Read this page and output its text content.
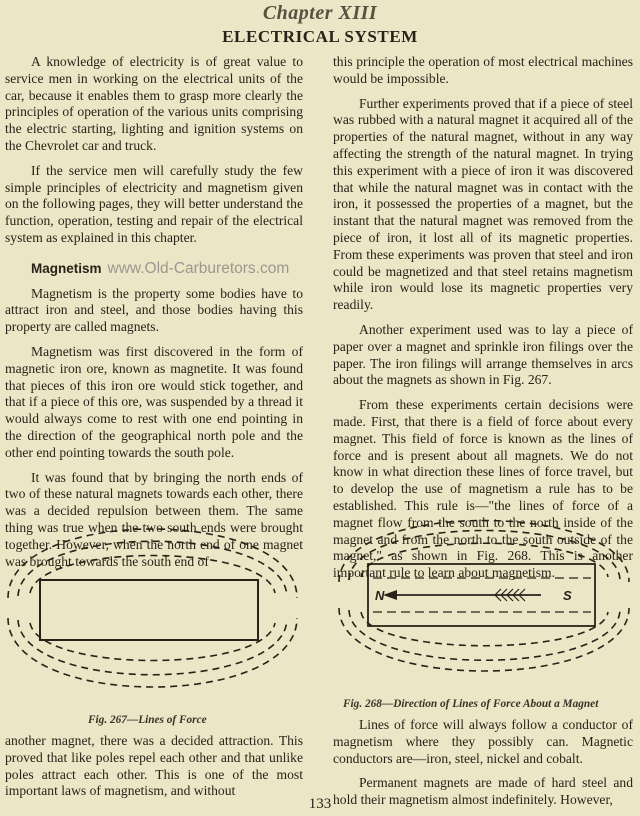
Chapter XIII
ELECTRICAL SYSTEM

A knowledge of electricity is of great value to service men in working on the electrical units of the car, because it enables them to grasp more clearly the principles of operation of the various units comprising the electric starting, lighting and ignition systems on the Chevrolet car and truck.

If the service men will carefully study the few simple principles of electricity and magnetism given on the following pages, they will better understand the function, operation, testing and repair of the electrical system as explained in this chapter.

Magnetism www.Old-Carburetors.com

Magnetism is the property some bodies have to attract iron and steel, and those bodies having this property are called magnets.

Magnetism was first discovered in the form of magnetic iron ore, known as magnetite. It was found that pieces of this iron ore would stick together, and that if a piece of this ore, was suspended by a thread it would always come to rest with one end pointing in the direction of the geographical north pole and the other end pointing towards the south pole.

It was found that by bringing the north ends of two of these natural magnets towards each other, there was a decided repulsion between them. The same thing was true when the two south ends were brought together. However, when the north end of one magnet was brought towards the south end of

Fig. 267—Lines of Force

another magnet, there was a decided attraction. This proved that like poles repel each other and that unlike poles attract each other. This is one of the most important laws of magnetism, and without

this principle the operation of most electrical machines would be impossible.

Further experiments proved that if a piece of steel was rubbed with a natural magnet it acquired all of the properties of the natural magnet, without in any way affecting the strength of the natural magnet. In trying this experiment with a piece of iron it was discovered that while the natural magnet was in contact with the iron, it possessed the properties of a magnet, but the instant that the natural magnet was removed from the piece of iron, it lost all of its magnetic properties. From these experiments was proven that steel and iron could be magnetized and that steel retains magnetism while iron would lose its magnetic properties very readily.

Another experiment used was to lay a piece of paper over a magnet and sprinkle iron filings over the paper. The iron filings will arrange themselves in arcs about the magnets as shown in Fig. 267.

From these experiments certain decisions were made. First, that there is a field of force about every magnet. This field of force is known as the lines of force and is present about all magnets. We do not know in what direction these lines of force travel, but to develop the use of magnetism a rule has to be established. This rule is—"the lines of force of a magnet flow from the south to the north inside of the magnet and from the north to the south outside of the magnet," as shown in Fig. 268. This is another important rule to learn about magnetism.

N	S
Fig. 268—Direction of Lines of Force About a Magnet

Lines of force will always follow a conductor of magnetism where they possibly can. Magnetic conductors are—iron, steel, nickel and cobalt.

Permanent magnets are made of hard steel and hold their magnetism almost indefinitely. However,

133
